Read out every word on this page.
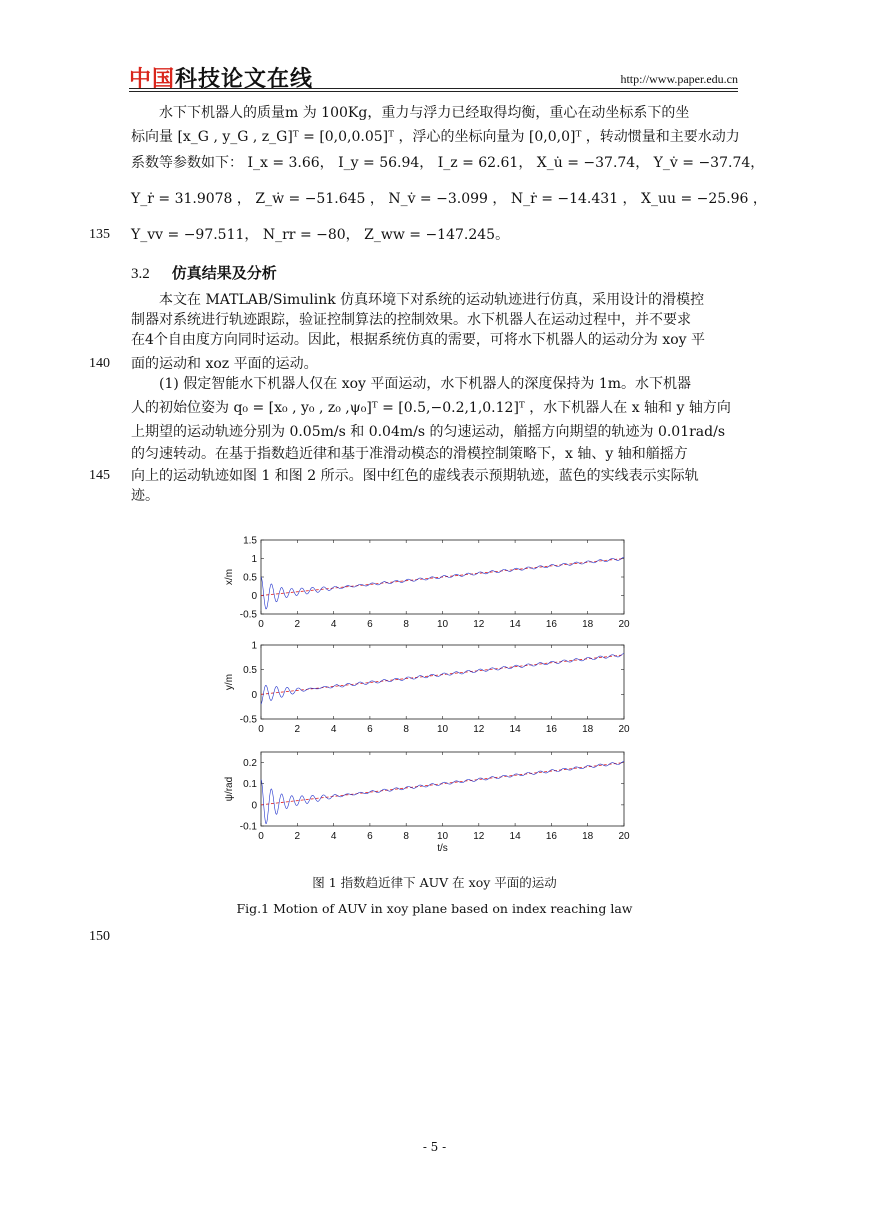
中国科技论文在线	http://www.paper.edu.cn
水下下机器人的质量m 为 100Kg，重力与浮力已经取得均衡，重心在动坐标系下的坐
标向量 [x_G , y_G , z_G]ᵀ = [0,0,0.05]ᵀ ，浮心的坐标向量为 [0,0,0]ᵀ ，转动惯量和主要水动力
系数等参数如下： I_x = 3.66， I_y = 56.94， I_z = 62.61， X_u̇ = −37.74， Y_v̇ = −37.74，
Y_ṙ = 31.9078 ， Z_ẇ = −51.645 ， N_v̇ = −3.099 ， N_ṙ = −14.431 ， X_uu = −25.96 ，
135 Y_vv = −97.511， N_rr = −80， Z_ww = −147.245。
3.2 仿真结果及分析
本文在 MATLAB/Simulink 仿真环境下对系统的运动轨迹进行仿真，采用设计的滑模控
制器对系统进行轨迹跟踪，验证控制算法的控制效果。水下机器人在运动过程中，并不要求
在4个自由度方向同时运动。因此，根据系统仿真的需要，可将水下机器人的运动分为 xoy 平
140 面的运动和 xoz 平面的运动。
(1) 假定智能水下机器人仅在 xoy 平面运动，水下机器人的深度保持为 1m。水下机器
人的初始位姿为 q₀ = [x₀ , y₀ , z₀ ,ψ₀]ᵀ = [0.5,−0.2,1,0.12]ᵀ ，水下机器人在 x 轴和 y 轴方向
上期望的运动轨迹分别为 0.05m/s 和 0.04m/s 的匀速运动，艏摇方向期望的轨迹为 0.01rad/s
的匀速转动。在基于指数趋近律和基于准滑动模态的滑模控制策略下，x 轴、y 轴和艏摇方
145 向上的运动轨迹如图 1 和图 2 所示。图中红色的虚线表示预期轨迹，蓝色的实线表示实际轨
迹。
0	2	4	6	8	10	12	14	16	18	20
1.5
1
0.5
0
-0.5
x/m
0	2	4	6	8	10	12	14	16	18	20
1
0.5
0
-0.5
y/m
0	2	4	6	8	10	12	14	16	18	20
0.2
0.1
0
-0.1
ψ/rad
t/s
图 1 指数趋近律下 AUV 在 xoy 平面的运动
Fig.1 Motion of AUV in xoy plane based on index reaching law
150
- 5 -
